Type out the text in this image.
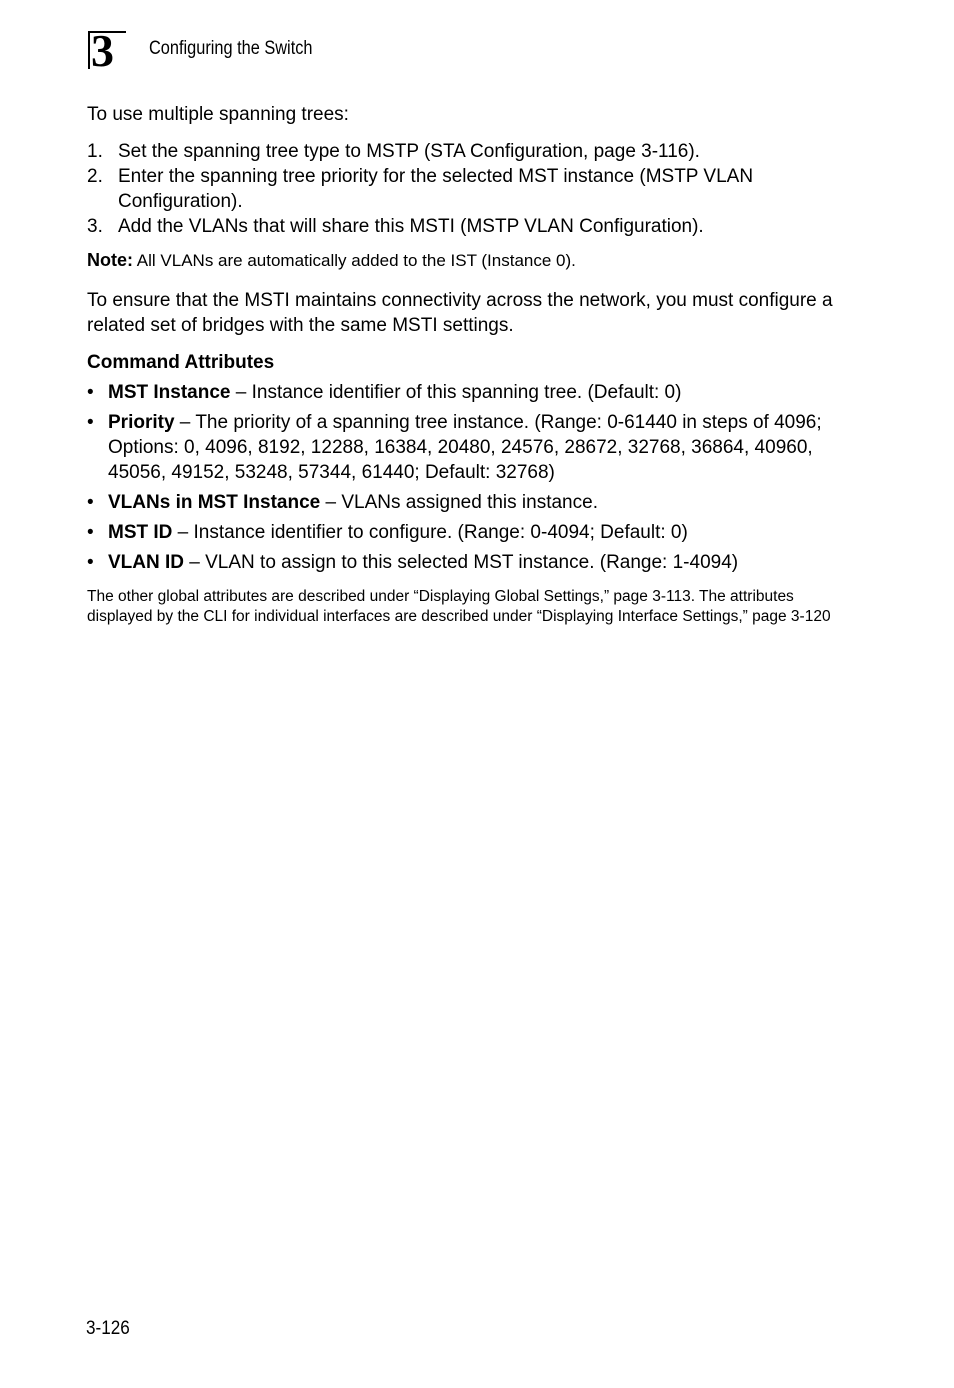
3 Configuring the Switch

To use multiple spanning trees:

1. Set the spanning tree type to MSTP (STA Configuration, page 3-116).
2. Enter the spanning tree priority for the selected MST instance (MSTP VLAN Configuration).
3. Add the VLANs that will share this MSTI (MSTP VLAN Configuration).

Note: All VLANs are automatically added to the IST (Instance 0).

To ensure that the MSTI maintains connectivity across the network, you must configure a related set of bridges with the same MSTI settings.

Command Attributes

• MST Instance – Instance identifier of this spanning tree. (Default: 0)
• Priority – The priority of a spanning tree instance. (Range: 0-61440 in steps of 4096; Options: 0, 4096, 8192, 12288, 16384, 20480, 24576, 28672, 32768, 36864, 40960, 45056, 49152, 53248, 57344, 61440; Default: 32768)
• VLANs in MST Instance – VLANs assigned this instance.
• MST ID – Instance identifier to configure. (Range: 0-4094; Default: 0)
• VLAN ID – VLAN to assign to this selected MST instance. (Range: 1-4094)

The other global attributes are described under “Displaying Global Settings,” page 3-113. The attributes displayed by the CLI for individual interfaces are described under “Displaying Interface Settings,” page 3-120

3-126
